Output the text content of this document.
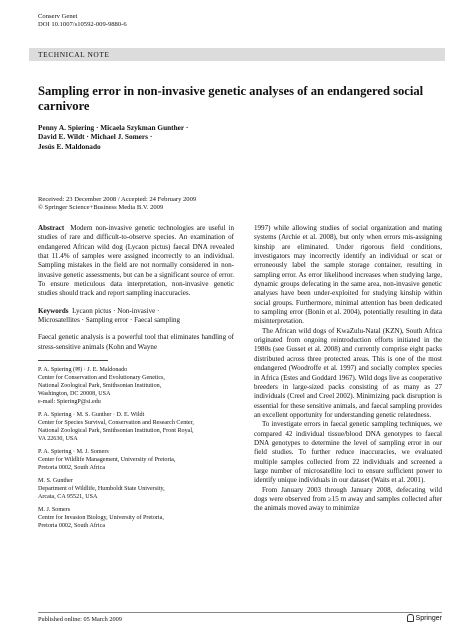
Conserv Genet
DOI 10.1007/s10592-009-9880-6
TECHNICAL NOTE
Sampling error in non-invasive genetic analyses of an endangered social carnivore
Penny A. Spiering · Micaela Szykman Gunther ·
David E. Wildt · Michael J. Somers ·
Jesús E. Maldonado
Received: 23 December 2008 / Accepted: 24 February 2009
© Springer Science+Business Media B.V. 2009

Abstract Modern non-invasive genetic technologies are useful in studies of rare and difficult-to-observe species. An examination of endangered African wild dog (Lycaon pictus) faecal DNA revealed that 11.4% of samples were assigned incorrectly to an individual. Sampling mistakes in the field are not normally considered in non-invasive genetic assessments, but can be a significant source of error. To ensure meticulous data interpretation, non-invasive genetic studies should track and report sampling inaccuracies.

Keywords Lycaon pictus · Non-invasive ·
Microsatellites · Sampling error · Faecal sampling

Faecal genetic analysis is a powerful tool that eliminates handling of stress-sensitive animals (Kohn and Wayne

P. A. Spiering (✉) · J. E. Maldonado

Center for Conservation and Evolutionary Genetics,

National Zoological Park, Smithsonian Institution,

Washington, DC 20008, USA

e-mail: SpieringP@si.edu

P. A. Spiering · M. S. Gunther · D. E. Wildt

Center for Species Survival, Conservation and Research Center,

National Zoological Park, Smithsonian Institution, Front Royal,

VA 22630, USA

P. A. Spiering · M. J. Somers

Center for Wildlife Management, University of Pretoria,

Pretoria 0002, South Africa

M. S. Gunther

Department of Wildlife, Humboldt State University,

Arcata, CA 95521, USA

M. J. Somers

Centre for Invasion Biology, University of Pretoria,

Pretoria 0002, South Africa

1997) while allowing studies of social organization and mating systems (Archie et al. 2008), but only when errors mis-assigning kinship are eliminated. Under rigorous field conditions, investigators may incorrectly identify an individual or scat or erroneously label the sample storage container, resulting in sampling error. As error likelihood increases when studying large, dynamic groups defecating in the same area, non-invasive genetic analyses have been under-exploited for studying kinship within social groups. Furthermore, minimal attention has been dedicated to sampling error (Bonin et al. 2004), potentially resulting in data misinterpretation.

The African wild dogs of KwaZulu-Natal (KZN), South Africa originated from ongoing reintroduction efforts initiated in the 1980s (see Gusset et al. 2008) and currently comprise eight packs distributed across three protected areas. This is one of the most endangered (Woodroffe et al. 1997) and socially complex species in Africa (Estes and Goddard 1967). Wild dogs live as cooperative breeders in large-sized packs consisting of as many as 27 individuals (Creel and Creel 2002). Minimizing pack disruption is essential for these sensitive animals, and faecal sampling provides an excellent opportunity for understanding genetic relatedness.

To investigate errors in faecal genetic sampling techniques, we compared 42 individual tissue/blood DNA genotypes to faecal DNA genotypes to determine the level of sampling error in our field studies. To further reduce inaccuracies, we evaluated multiple samples collected from 22 individuals and screened a large number of microsatellite loci to ensure sufficient power to identify unique individuals in our dataset (Waits et al. 2001).

From January 2003 through January 2008, defecating wild dogs were observed from ≥15 m away and samples collected after the animals moved away to minimize

Published online: 05 March 2009	Springer
